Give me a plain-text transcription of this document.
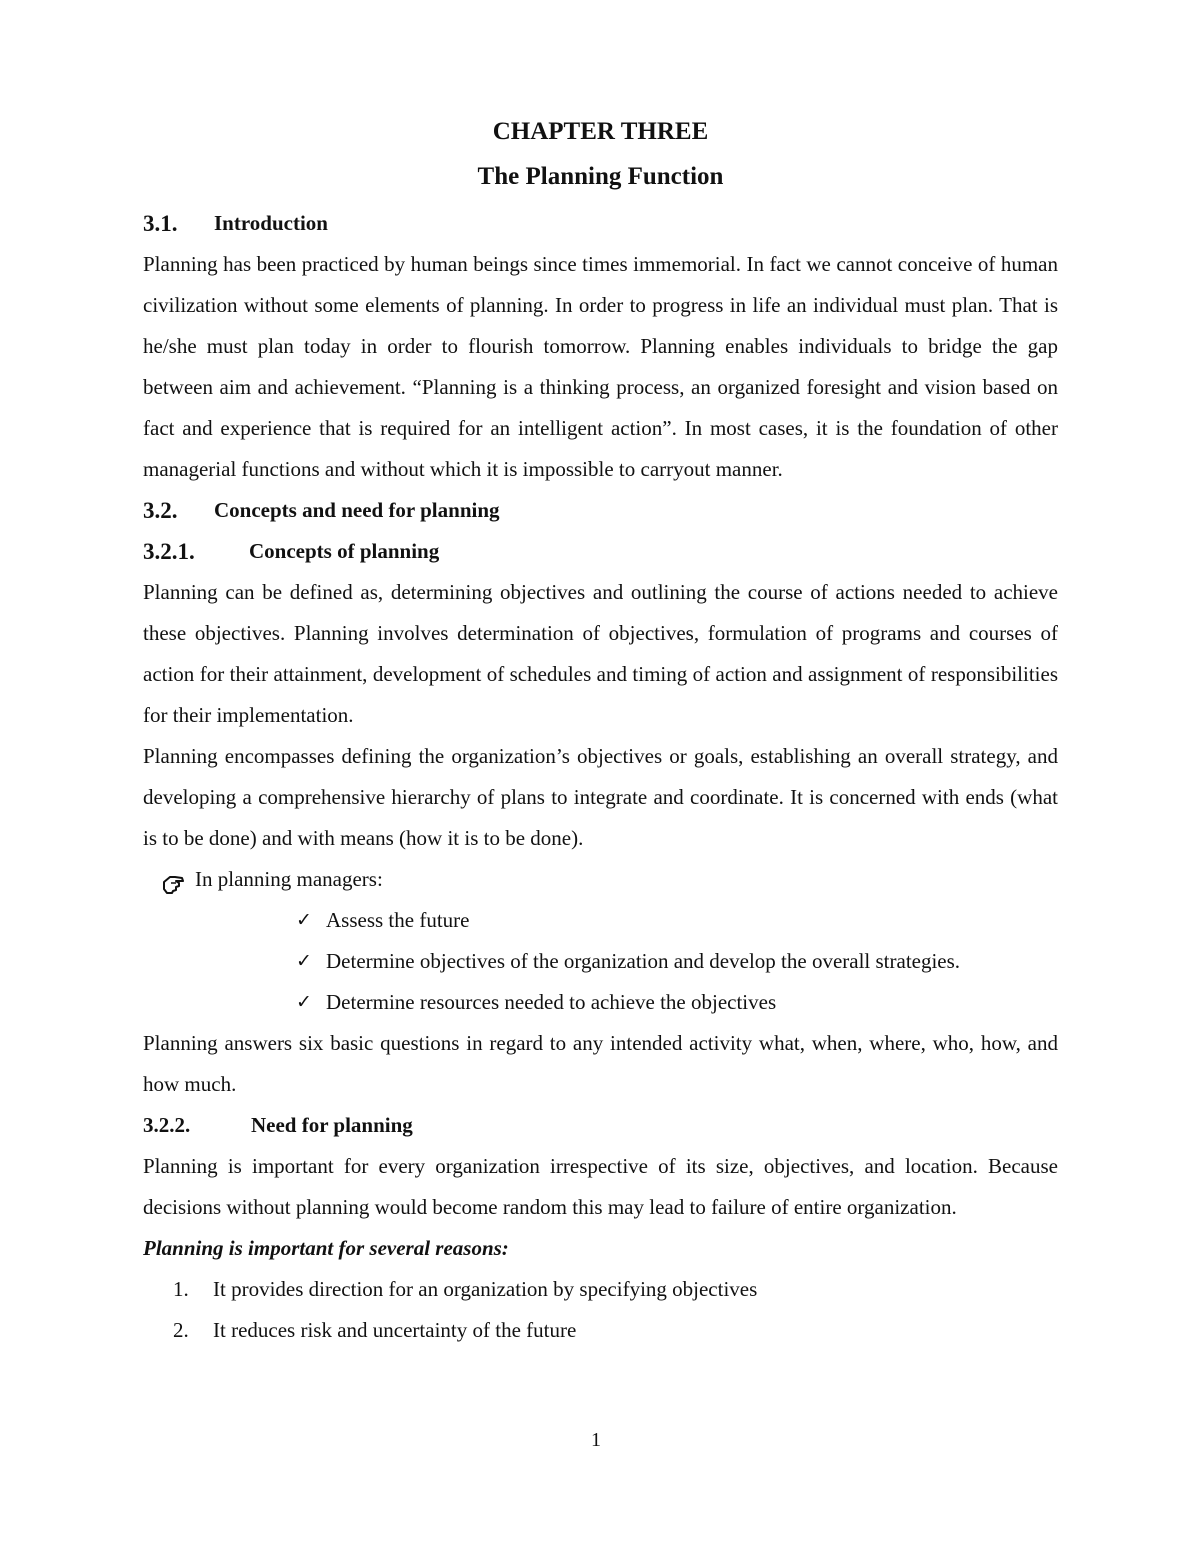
CHAPTER THREE
The Planning Function
3.1.	Introduction
Planning has been practiced by human beings since times immemorial. In fact we cannot conceive of human civilization without some elements of planning. In order to progress in life an individual must plan. That is he/she must plan today in order to flourish tomorrow. Planning enables individuals to bridge the gap between aim and achievement. “Planning is a thinking process, an organized foresight and vision based on fact and experience that is required for an intelligent action”. In most cases, it is the foundation of other managerial functions and without which it is impossible to carryout manner.
3.2.	Concepts and need for planning
3.2.1.	Concepts of planning
Planning can be defined as, determining objectives and outlining the course of actions needed to achieve these objectives. Planning involves determination of objectives, formulation of programs and courses of action for their attainment, development of schedules and timing of action and assignment of responsibilities for their implementation.
Planning encompasses defining the organization’s objectives or goals, establishing an overall strategy, and developing a comprehensive hierarchy of plans to integrate and coordinate. It is concerned with ends (what is to be done) and with means (how it is to be done).
In planning managers:
✓ Assess the future
✓ Determine objectives of the organization and develop the overall strategies.
✓ Determine resources needed to achieve the objectives
Planning answers six basic questions in regard to any intended activity what, when, where, who, how, and how much.
3.2.2.	Need for planning
Planning is important for every organization irrespective of its size, objectives, and location. Because decisions without planning would become random this may lead to failure of entire organization.
Planning is important for several reasons:
1.	It provides direction for an organization by specifying objectives
2.	It reduces risk and uncertainty of the future
1
